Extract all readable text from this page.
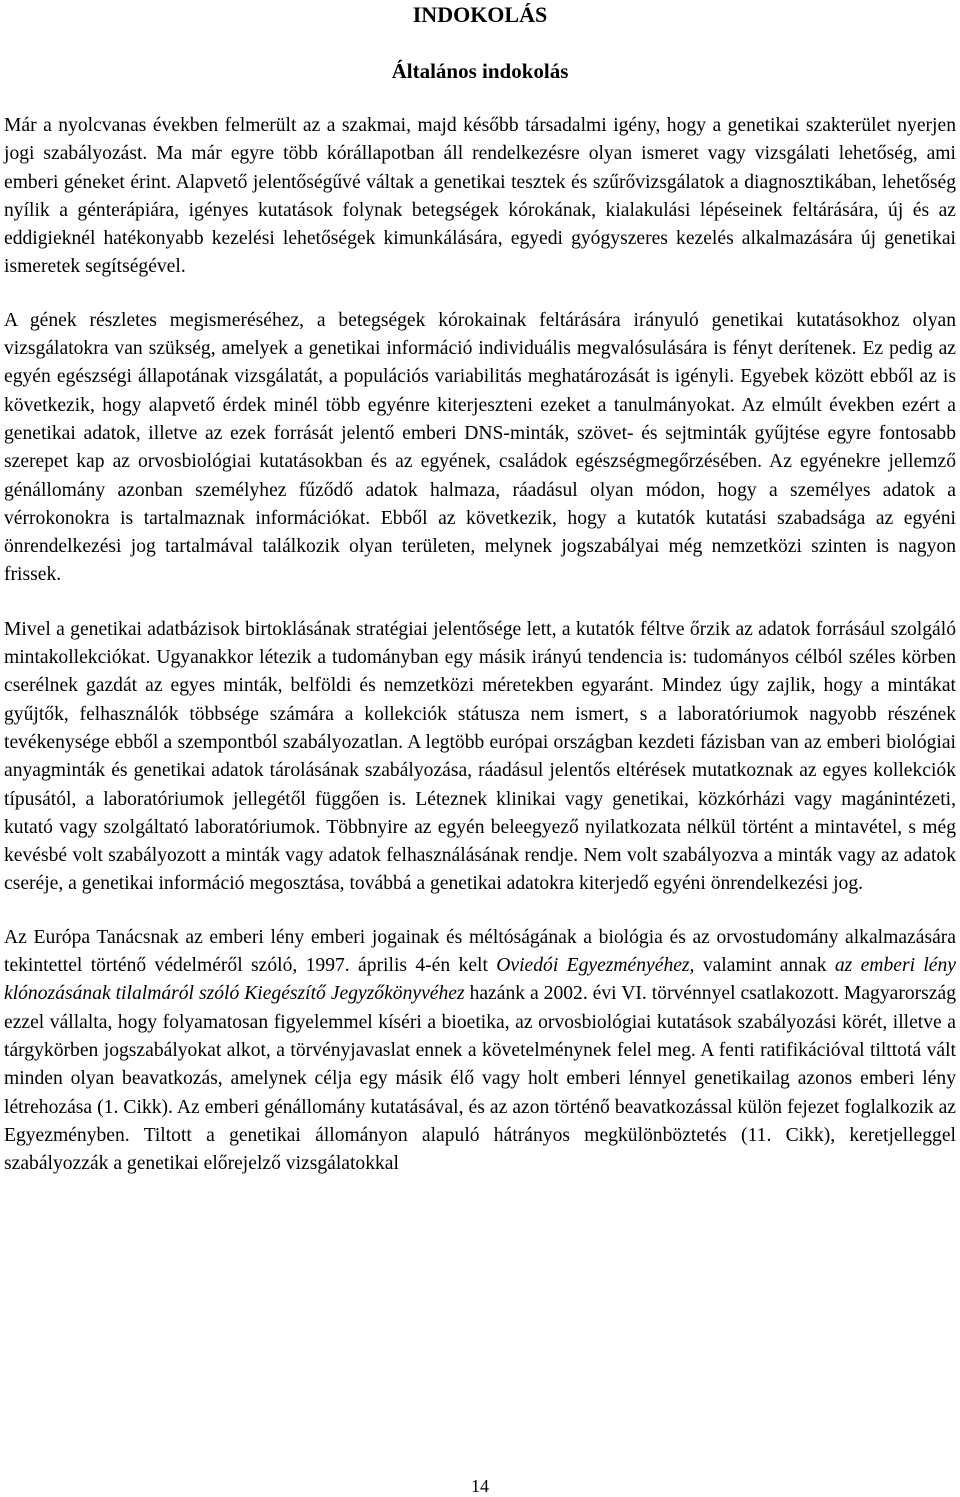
INDOKOLÁS
Általános indokolás

Már a nyolcvanas években felmerült az a szakmai, majd később társadalmi igény, hogy a genetikai szakterület nyerjen jogi szabályozást. Ma már egyre több kórállapotban áll rendelkezésre olyan ismeret vagy vizsgálati lehetőség, ami emberi géneket érint. Alapvető jelentőségűvé váltak a genetikai tesztek és szűrővizsgálatok a diagnosztikában, lehetőség nyílik a génterápiára, igényes kutatások folynak betegségek kórokának, kialakulási lépéseinek feltárására, új és az eddigieknél hatékonyabb kezelési lehetőségek kimunkálására, egyedi gyógyszeres kezelés alkalmazására új genetikai ismeretek segítségével.

A gének részletes megismeréséhez, a betegségek kórokainak feltárására irányuló genetikai kutatásokhoz olyan vizsgálatokra van szükség, amelyek a genetikai információ individuális megvalósulására is fényt derítenek. Ez pedig az egyén egészségi állapotának vizsgálatát, a populációs variabilitás meghatározását is igényli. Egyebek között ebből az is következik, hogy alapvető érdek minél több egyénre kiterjeszteni ezeket a tanulmányokat. Az elmúlt években ezért a genetikai adatok, illetve az ezek forrását jelentő emberi DNS-minták, szövet- és sejtminták gyűjtése egyre fontosabb szerepet kap az orvosbiológiai kutatásokban és az egyének, családok egészségmegőrzésében. Az egyénekre jellemző génállomány azonban személyhez fűződő adatok halmaza, ráadásul olyan módon, hogy a személyes adatok a vérrokonokra is tartalmaznak információkat. Ebből az következik, hogy a kutatók kutatási szabadsága az egyéni önrendelkezési jog tartalmával találkozik olyan területen, melynek jogszabályai még nemzetközi szinten is nagyon frissek.

Mivel a genetikai adatbázisok birtoklásának stratégiai jelentősége lett, a kutatók féltve őrzik az adatok forrásául szolgáló mintakollekciókat. Ugyanakkor létezik a tudományban egy másik irányú tendencia is: tudományos célból széles körben cserélnek gazdát az egyes minták, belföldi és nemzetközi méretekben egyaránt. Mindez úgy zajlik, hogy a mintákat gyűjtők, felhasználók többsége számára a kollekciók státusza nem ismert, s a laboratóriumok nagyobb részének tevékenysége ebből a szempontból szabályozatlan. A legtöbb európai országban kezdeti fázisban van az emberi biológiai anyagminták és genetikai adatok tárolásának szabályozása, ráadásul jelentős eltérések mutatkoznak az egyes kollekciók típusától, a laboratóriumok jellegétől függően is. Léteznek klinikai vagy genetikai, közkórházi vagy magánintézeti, kutató vagy szolgáltató laboratóriumok. Többnyire az egyén beleegyező nyilatkozata nélkül történt a mintavétel, s még kevésbé volt szabályozott a minták vagy adatok felhasználásának rendje. Nem volt szabályozva a minták vagy az adatok cseréje, a genetikai információ megosztása, továbbá a genetikai adatokra kiterjedő egyéni önrendelkezési jog.

Az Európa Tanácsnak az emberi lény emberi jogainak és méltóságának a biológia és az orvostudomány alkalmazására tekintettel történő védelméről szóló, 1997. április 4-én kelt Oviedói Egyezményéhez, valamint annak az emberi lény klónozásának tilalmáról szóló Kiegészítő Jegyzőkönyvéhez hazánk a 2002. évi VI. törvénnyel csatlakozott. Magyarország ezzel vállalta, hogy folyamatosan figyelemmel kíséri a bioetika, az orvosbiológiai kutatások szabályozási körét, illetve a tárgykörben jogszabályokat alkot, a törvényjavaslat ennek a követelménynek felel meg. A fenti ratifikációval tilttotá vált minden olyan beavatkozás, amelynek célja egy másik élő vagy holt emberi lénnyel genetikailag azonos emberi lény létrehozása (1. Cikk). Az emberi génállomány kutatásával, és az azon történő beavatkozással külön fejezet foglalkozik az Egyezményben. Tiltott a genetikai állományon alapuló hátrányos megkülönböztetés (11. Cikk), keretjelleggel szabályozzák a genetikai előrejelző vizsgálatokkal

14
